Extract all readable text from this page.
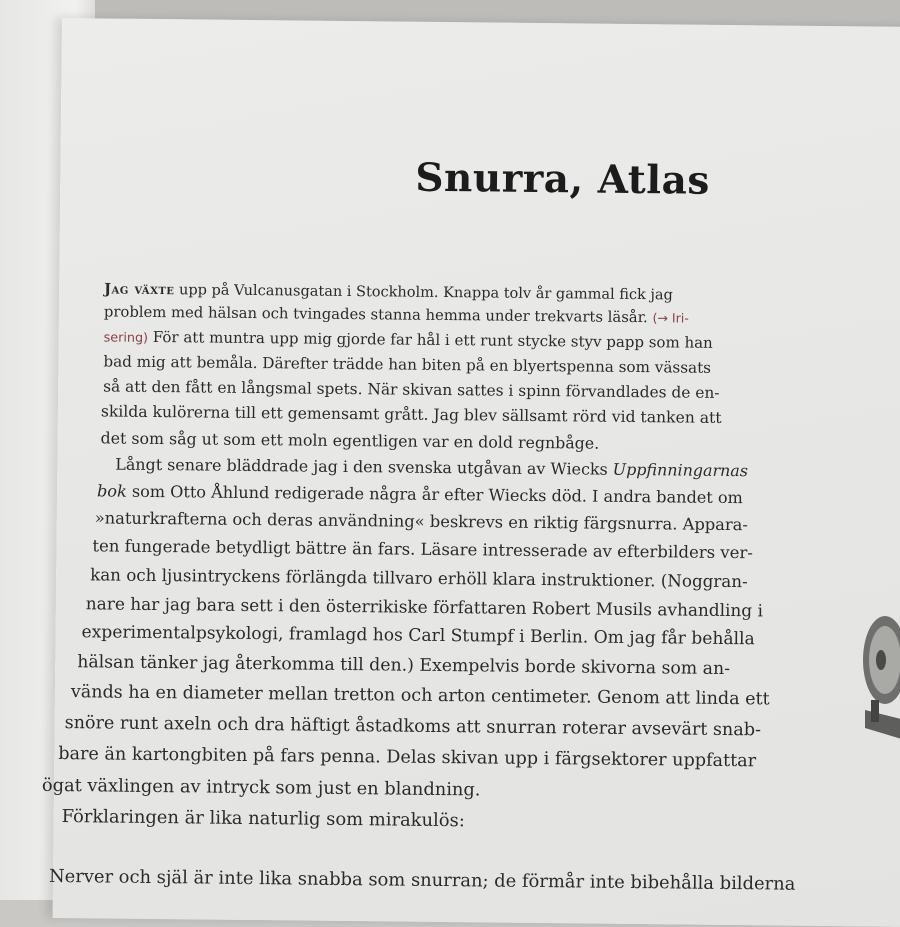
Snurra, Atlas
Jag växte upp på Vulcanusgatan i Stockholm. Knappa tolv år gammal fick jag
problem med hälsan och tvingades stanna hemma under trekvarts läsår. (→ Iri-
sering) För att muntra upp mig gjorde far hål i ett runt stycke styv papp som han
bad mig att bemåla. Därefter trädde han biten på en blyertspenna som vässats
så att den fått en långsmal spets. När skivan sattes i spinn förvandlades de en-
skilda kulörerna till ett gemensamt grått. Jag blev sällsamt rörd vid tanken att
det som såg ut som ett moln egentligen var en dold regnbåge.
Långt senare bläddrade jag i den svenska utgåvan av Wiecks Uppfinningarnas
bok som Otto Åhlund redigerade några år efter Wiecks död. I andra bandet om
»naturkrafterna och deras användning« beskrevs en riktig färgsnurra. Appara-
ten fungerade betydligt bättre än fars. Läsare intresserade av efterbilders ver-
kan och ljusintryckens förlängda tillvaro erhöll klara instruktioner. (Noggran-
nare har jag bara sett i den österrikiske författaren Robert Musils avhandling i
experimentalpsykologi, framlagd hos Carl Stumpf i Berlin. Om jag får behålla
hälsan tänker jag återkomma till den.) Exempelvis borde skivorna som an-
vänds ha en diameter mellan tretton och arton centimeter. Genom att linda ett
snöre runt axeln och dra häftigt åstadkoms att snurran roterar avsevärt snab-
bare än kartongbiten på fars penna. Delas skivan upp i färgsektorer uppfattar
ögat växlingen av intryck som just en blandning.
Förklaringen är lika naturlig som mirakulös:
Nerver och själ är inte lika snabba som snurran; de förmår inte bibehålla bilderna
